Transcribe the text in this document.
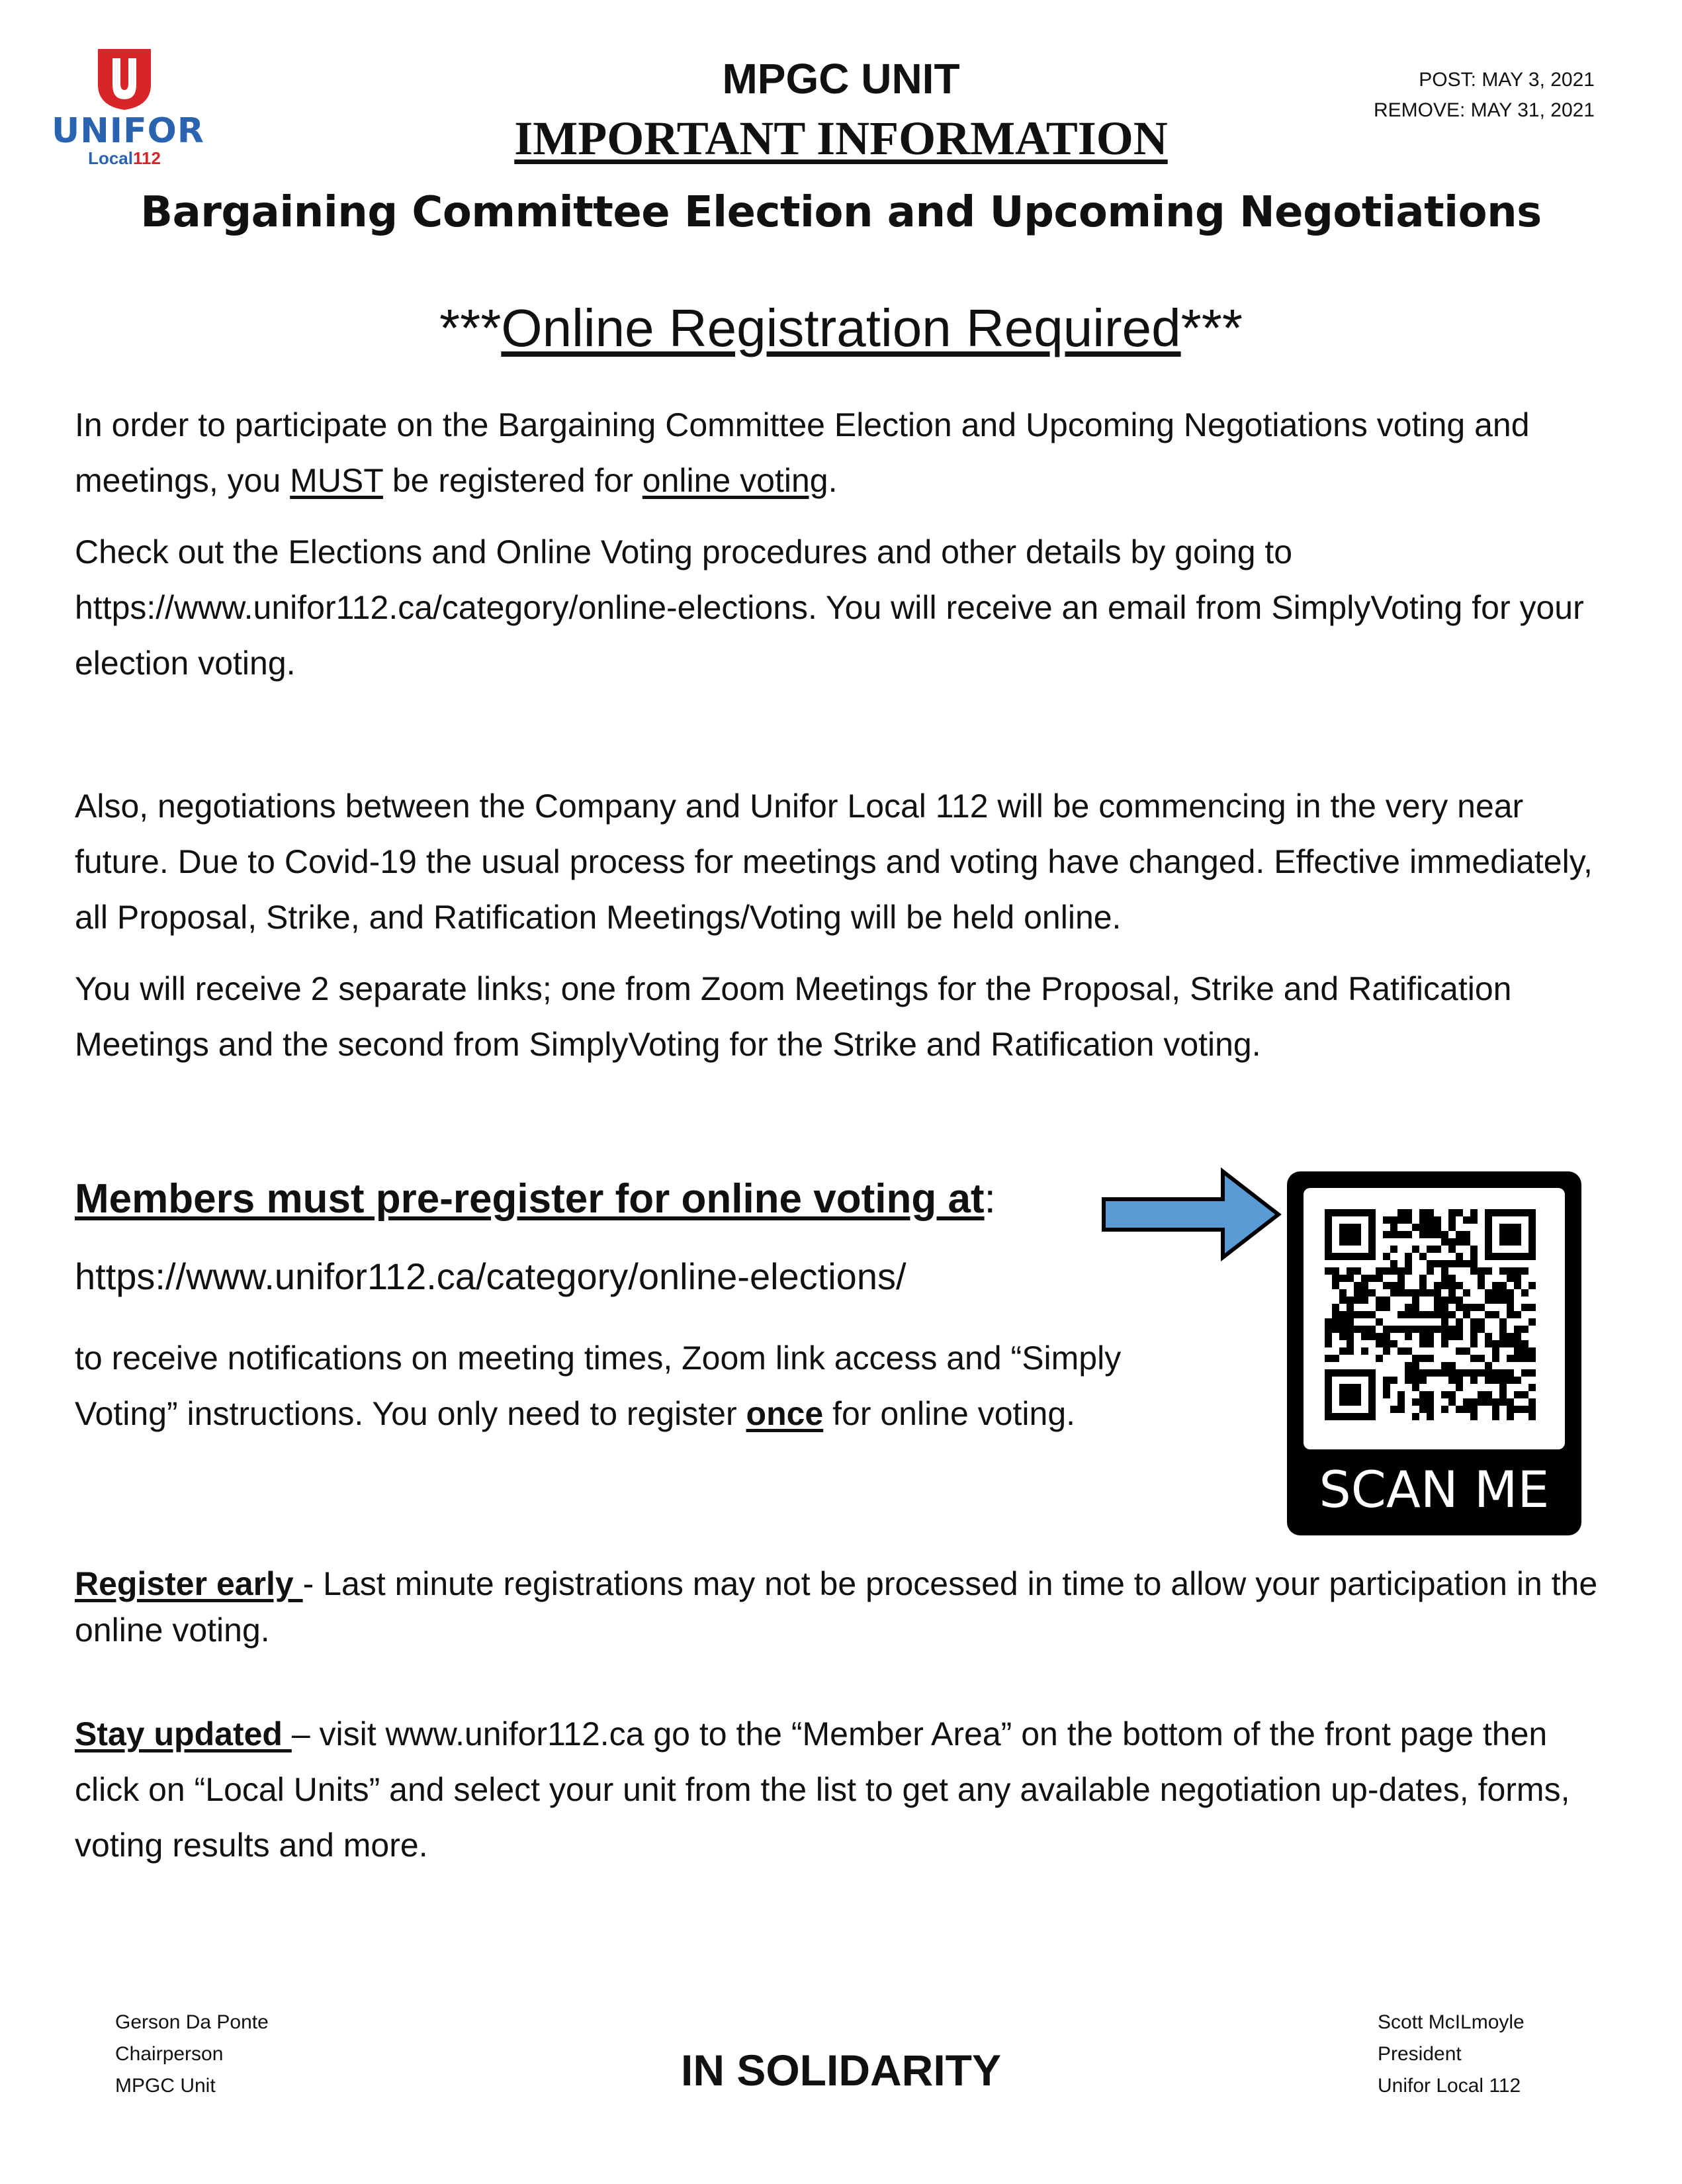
UNIFOR
Local112
MPGC UNIT
IMPORTANT INFORMATION
POST: MAY 3, 2021
REMOVE: MAY 31, 2021
Bargaining Committee Election and Upcoming Negotiations
***Online Registration Required***

In order to participate on the Bargaining Committee Election and Upcoming Negotiations voting and meetings, you MUST be registered for online voting.

Check out the Elections and Online Voting procedures and other details by going to https://www.unifor112.ca/category/online-elections. You will receive an email from SimplyVoting for your election voting.

Also, negotiations between the Company and Unifor Local 112 will be commencing in the very near future. Due to Covid-19 the usual process for meetings and voting have changed. Effective immediately, all Proposal, Strike, and Ratification Meetings/Voting will be held online.

You will receive 2 separate links; one from Zoom Meetings for the Proposal, Strike and Ratification Meetings and the second from SimplyVoting for the Strike and Ratification voting.

Members must pre-register for online voting at:
https://www.unifor112.ca/category/online-elections/

to receive notifications on meeting times, Zoom link access and “Simply Voting” instructions. You only need to register once for online voting.

SCAN ME

Register early - Last minute registrations may not be processed in time to allow your participation in the online voting.

Stay updated – visit www.unifor112.ca go to the “Member Area” on the bottom of the front page then click on “Local Units” and select your unit from the list to get any available negotiation up-dates, forms, voting results and more.

Gerson Da Ponte
Chairperson
MPGC Unit	IN SOLIDARITY
Scott McILmoyle
President
Unifor Local 112
